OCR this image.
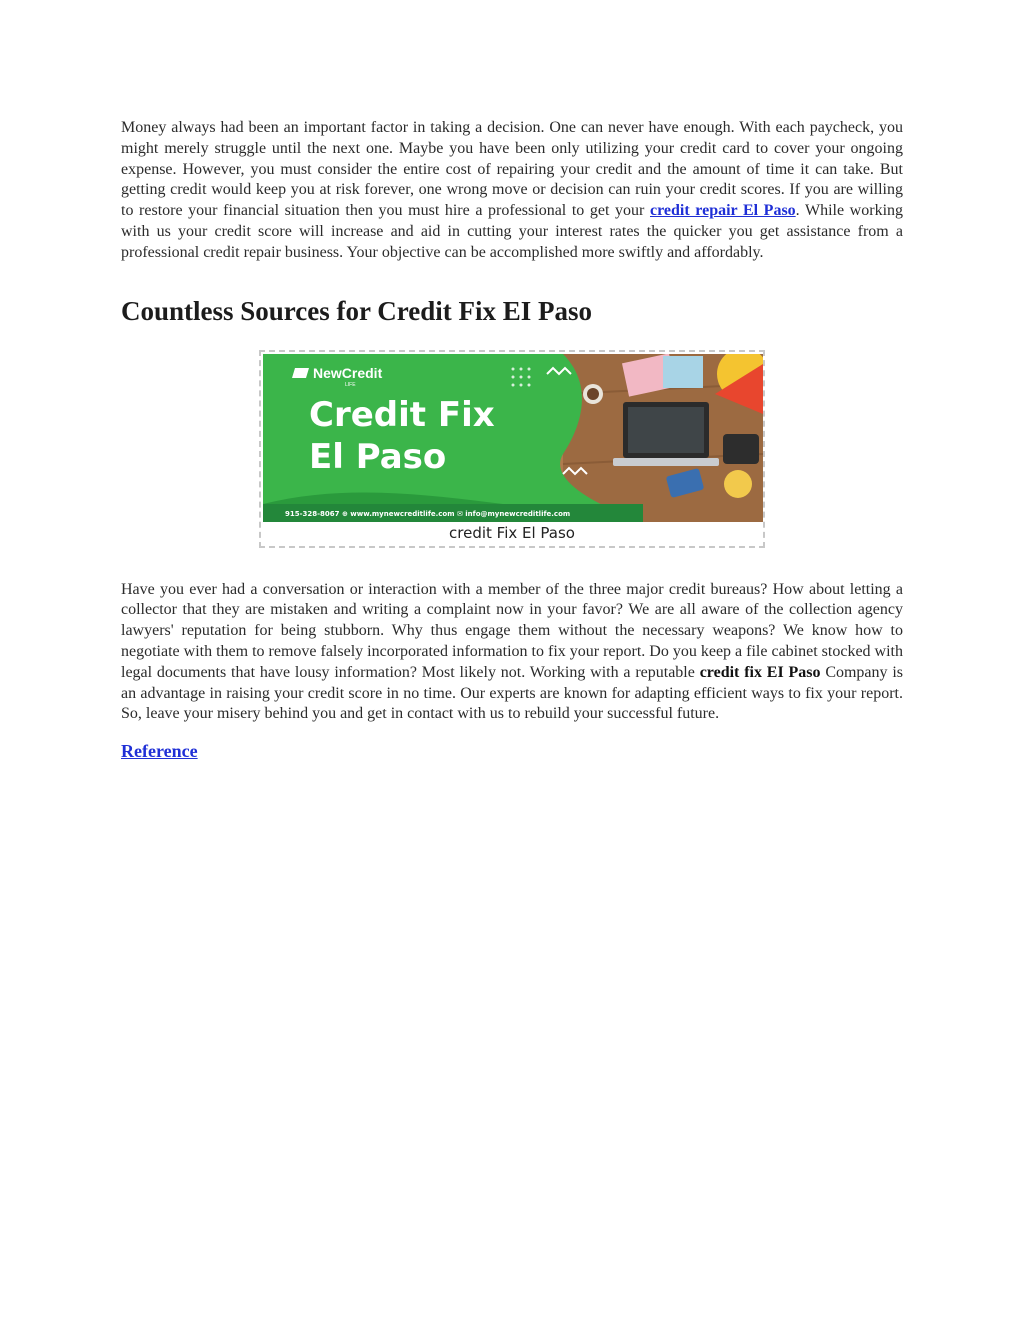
Money always had been an important factor in taking a decision. One can never have enough. With each paycheck, you might merely struggle until the next one. Maybe you have been only utilizing your credit card to cover your ongoing expense. However, you must consider the entire cost of repairing your credit and the amount of time it can take. But getting credit would keep you at risk forever, one wrong move or decision can ruin your credit scores. If you are willing to restore your financial situation then you must hire a professional to get your credit repair El Paso. While working with us your credit score will increase and aid in cutting your interest rates the quicker you get assistance from a professional credit repair business. Your objective can be accomplished more swiftly and affordably.

Countless Sources for Credit Fix EI Paso
NewCredit
LIFE
Credit Fix
El Paso
915-328-8067 ⊕ www.mynewcreditlife.com ✉ info@mynewcreditlife.com
credit Fix El Paso

Have you ever had a conversation or interaction with a member of the three major credit bureaus? How about letting a collector that they are mistaken and writing a complaint now in your favor? We are all aware of the collection agency lawyers' reputation for being stubborn. Why thus engage them without the necessary weapons? We know how to negotiate with them to remove falsely incorporated information to fix your report. Do you keep a file cabinet stocked with legal documents that have lousy information? Most likely not. Working with a reputable credit fix EI Paso Company is an advantage in raising your credit score in no time. Our experts are known for adapting efficient ways to fix your report. So, leave your misery behind you and get in contact with us to rebuild your successful future.

Reference
